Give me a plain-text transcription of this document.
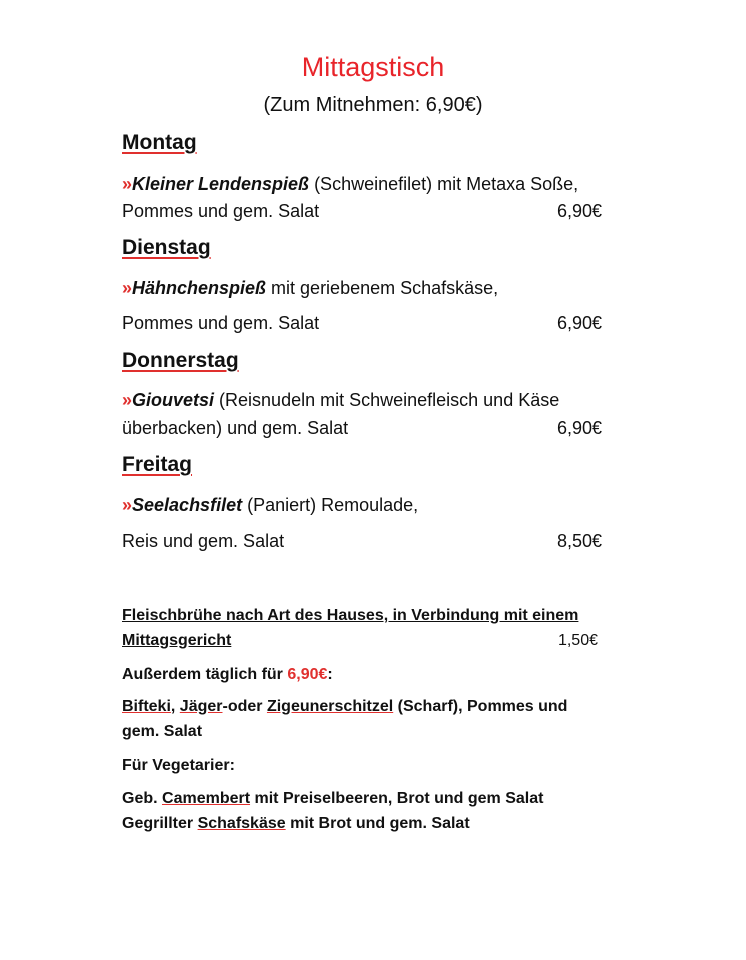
Mittagstisch
(Zum Mitnehmen: 6,90€)
Montag
»Kleiner Lendenspieß (Schweinefilet) mit Metaxa Soße,
Pommes und gem. Salat	6,90€
Dienstag
»Hähnchenspieß mit geriebenem Schafskäse,
Pommes und gem. Salat	6,90€
Donnerstag
»Giouvetsi (Reisnudeln mit Schweinefleisch und Käse
überbacken) und gem. Salat	6,90€
Freitag
»Seelachsfilet (Paniert) Remoulade,
Reis und gem. Salat	8,50€
Fleischbrühe nach Art des Hauses, in Verbindung mit einem
Mittagsgericht	1,50€
Außerdem täglich für 6,90€:
Bifteki, Jäger-oder Zigeunerschitzel (Scharf), Pommes und
gem. Salat
Für Vegetarier:
Geb. Camembert mit Preiselbeeren, Brot und gem Salat
Gegrillter Schafskäse mit Brot und gem. Salat
